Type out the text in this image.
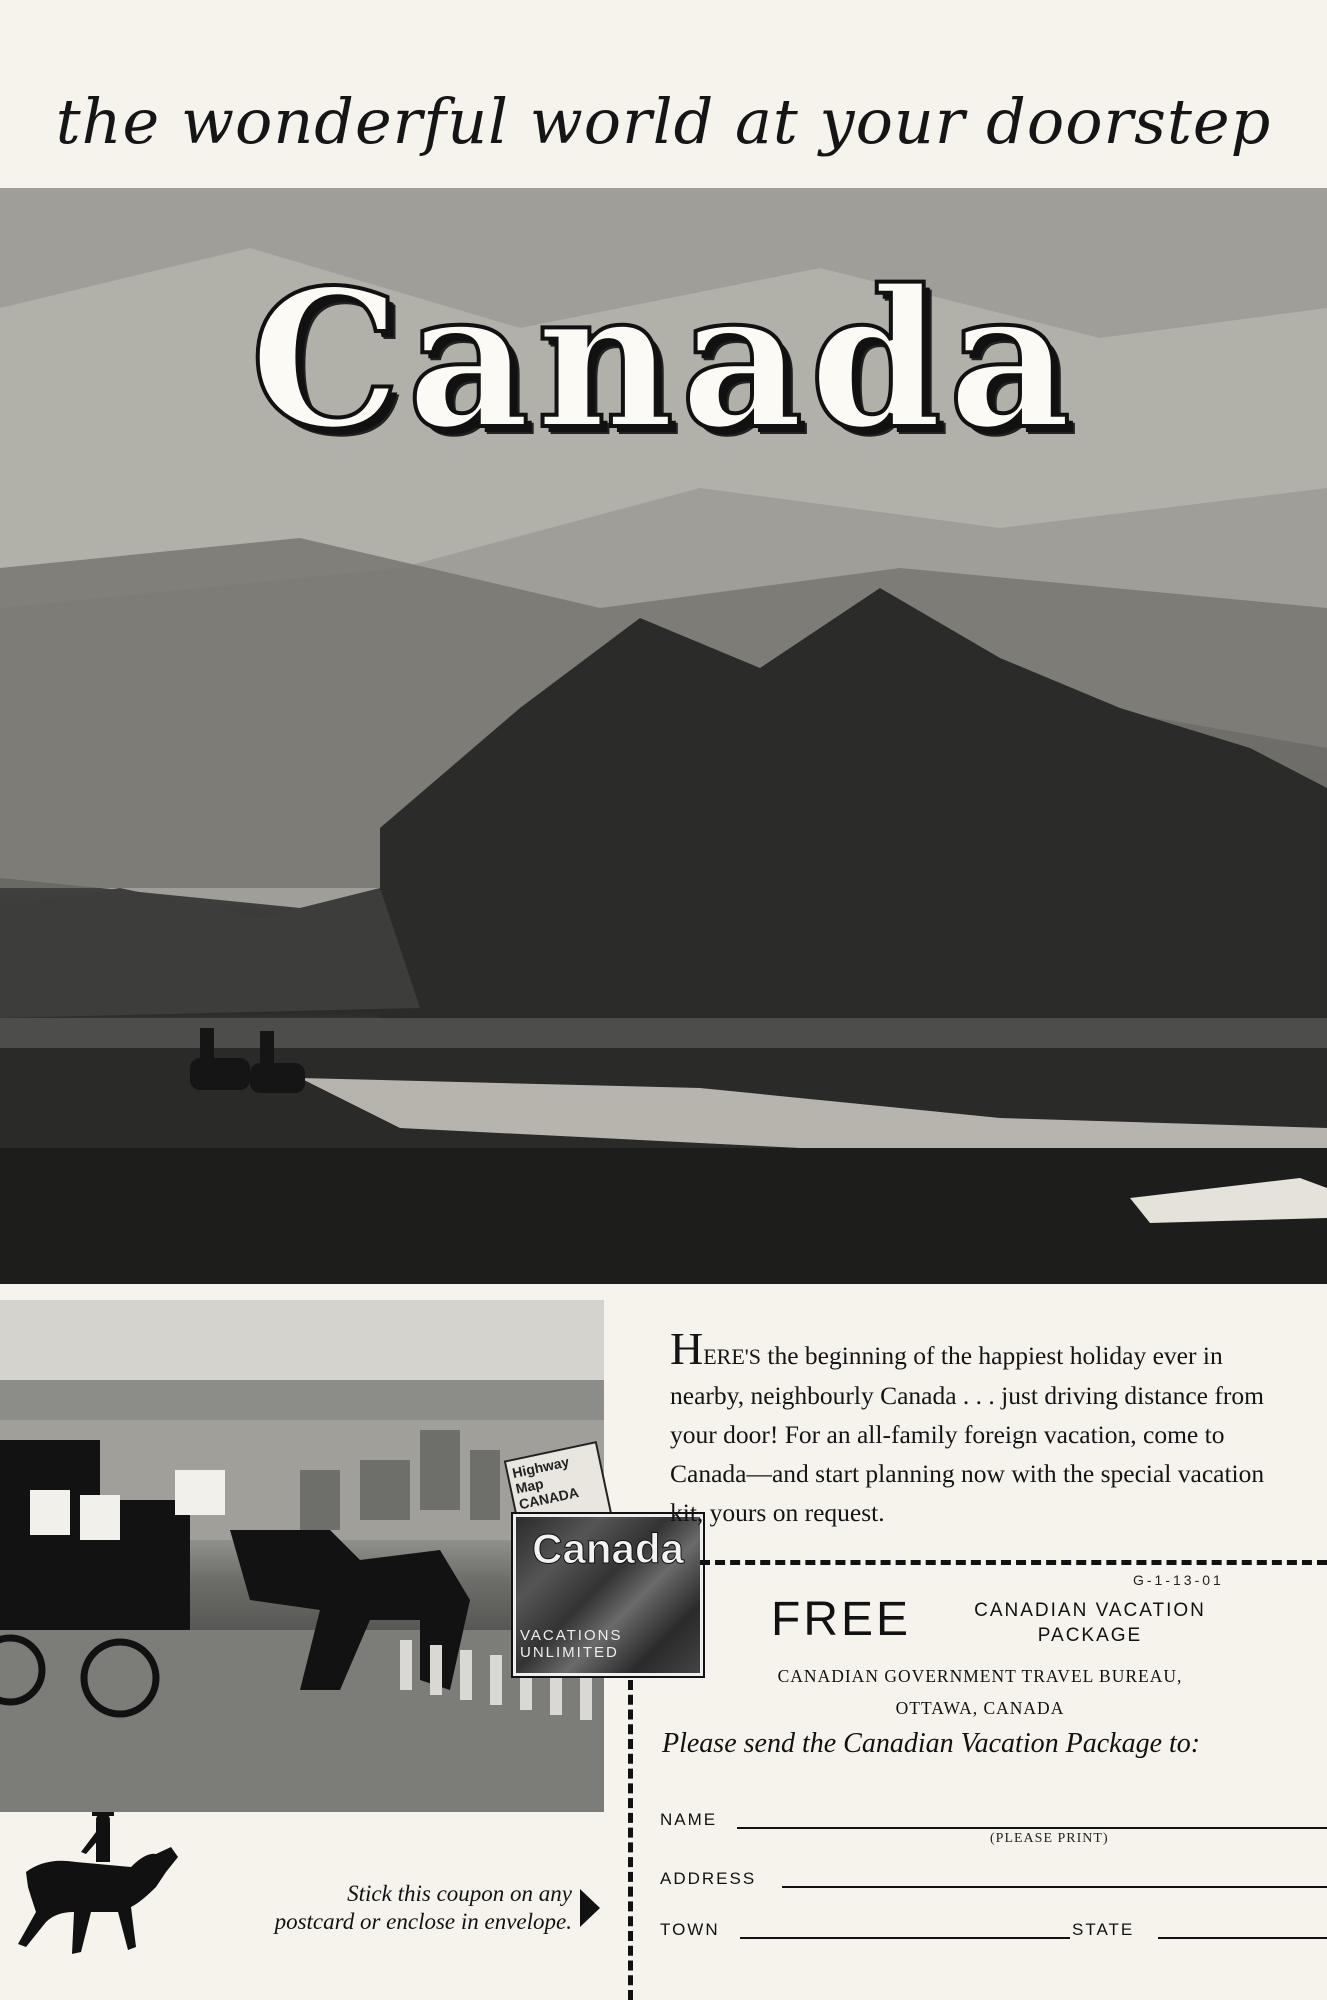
the wonderful world at your doorstep
Canada
Highway Map CANADA
Canada
VACATIONS
UNLIMITED
HERE'S the beginning of the happiest holiday ever in nearby, neighbourly Canada . . . just driving distance from your door! For an all-family foreign vacation, come to Canada—and start planning now with the special vacation kit, yours on request.
G-1-13-01
FREE	CANADIAN VACATION
PACKAGE
CANADIAN GOVERNMENT TRAVEL BUREAU,
OTTAWA, CANADA
Please send the Canadian Vacation Package to:
NAME
(PLEASE PRINT)
ADDRESS
TOWN	STATE
Stick this coupon on any
postcard or enclose in envelope.
